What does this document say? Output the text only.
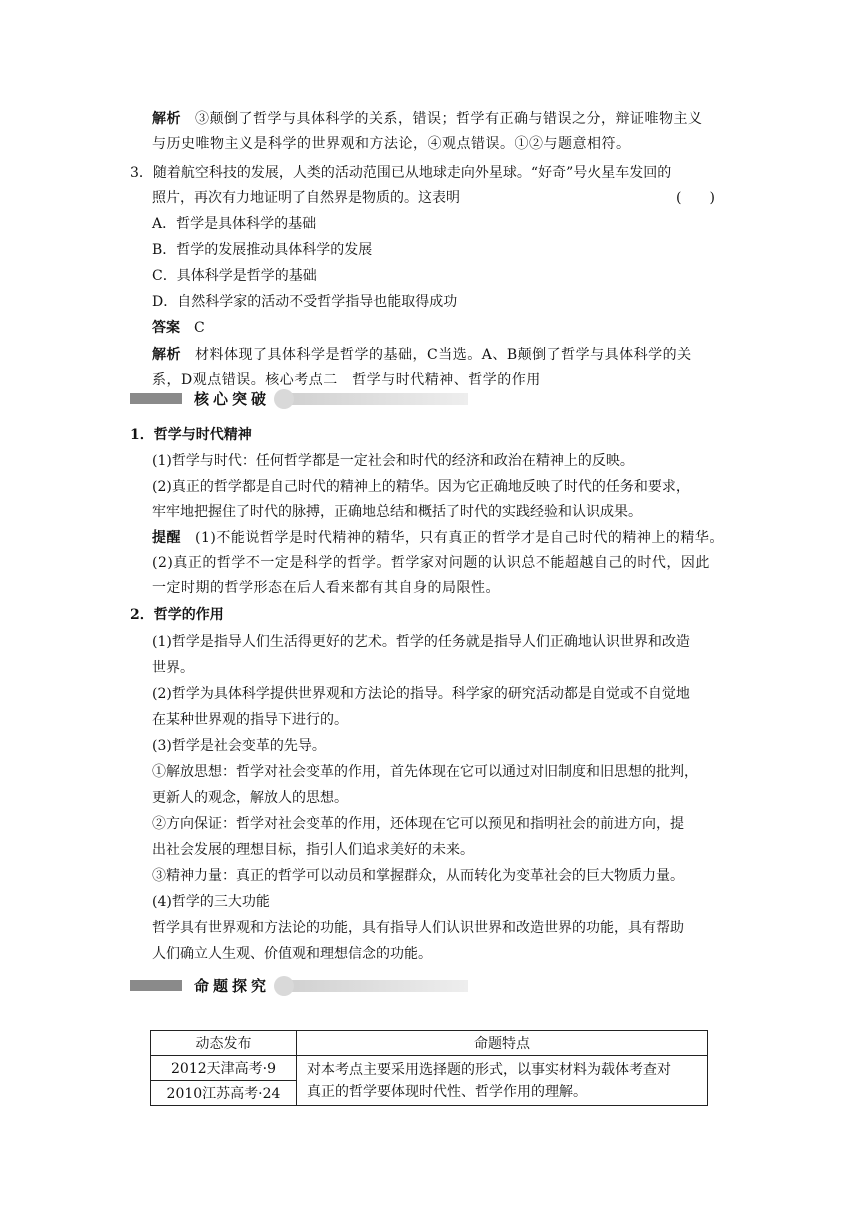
解析 ③颠倒了哲学与具体科学的关系，错误；哲学有正确与错误之分，辩证唯物主义
与历史唯物主义是科学的世界观和方法论，④观点错误。①②与题意相符。
3．随着航空科技的发展，人类的活动范围已从地球走向外星球。“好奇”号火星车发回的
照片，再次有力地证明了自然界是物质的。这表明	(　　)
A．哲学是具体科学的基础
B．哲学的发展推动具体科学的发展
C．具体科学是哲学的基础
D．自然科学家的活动不受哲学指导也能取得成功
答案 C
解析 材料体现了具体科学是哲学的基础，C当选。A、B颠倒了哲学与具体科学的关
系，D观点错误。核心考点二　哲学与时代精神、哲学的作用
核心突破
1．哲学与时代精神
(1)哲学与时代：任何哲学都是一定社会和时代的经济和政治在精神上的反映。
(2)真正的哲学都是自己时代的精神上的精华。因为它正确地反映了时代的任务和要求，
牢牢地把握住了时代的脉搏，正确地总结和概括了时代的实践经验和认识成果。
提醒 (1)不能说哲学是时代精神的精华，只有真正的哲学才是自己时代的精神上的精华。
(2)真正的哲学不一定是科学的哲学。哲学家对问题的认识总不能超越自己的时代，因此
一定时期的哲学形态在后人看来都有其自身的局限性。
2．哲学的作用
(1)哲学是指导人们生活得更好的艺术。哲学的任务就是指导人们正确地认识世界和改造
世界。
(2)哲学为具体科学提供世界观和方法论的指导。科学家的研究活动都是自觉或不自觉地
在某种世界观的指导下进行的。
(3)哲学是社会变革的先导。
①解放思想：哲学对社会变革的作用，首先体现在它可以通过对旧制度和旧思想的批判，
更新人的观念，解放人的思想。
②方向保证：哲学对社会变革的作用，还体现在它可以预见和指明社会的前进方向，提
出社会发展的理想目标，指引人们追求美好的未来。
③精神力量：真正的哲学可以动员和掌握群众，从而转化为变革社会的巨大物质力量。
(4)哲学的三大功能
哲学具有世界观和方法论的功能，具有指导人们认识世界和改造世界的功能，具有帮助
人们确立人生观、价值观和理想信念的功能。
命题探究
动态发布	命题特点
2012天津高考·9	对本考点主要采用选择题的形式，以事实材料为载体考查对
真正的哲学要体现时代性、哲学作用的理解。

2010江苏高考·24	
